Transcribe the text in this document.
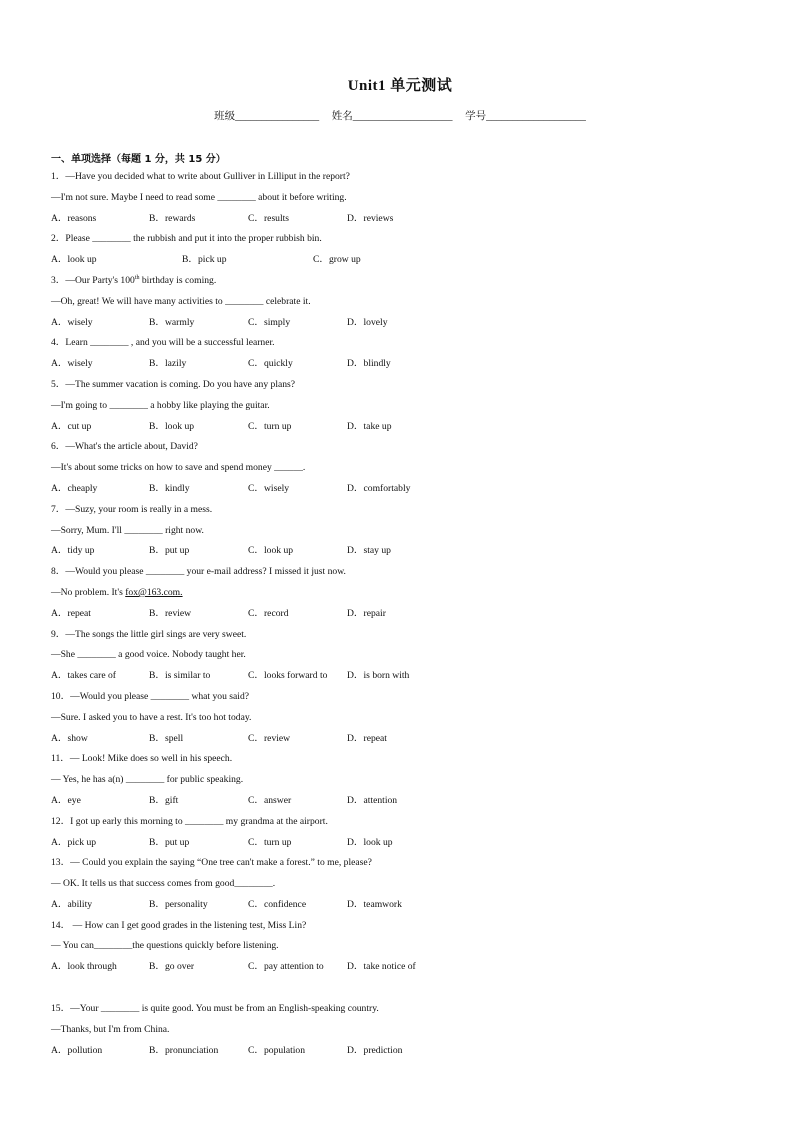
Unit1 单元测试
班级________________ 姓名___________________ 学号___________________
一、单项选择（每题 1 分，共 15 分）
1．—Have you decided what to write about Gulliver in Lilliput in the report?
—I'm not sure. Maybe I need to read some ________ about it before writing.
A．reasons	B．rewards	C．results	D．reviews
2．Please ________ the rubbish and put it into the proper rubbish bin.
A．look up	B．pick up	C．grow up
3．—Our Party's 100th birthday is coming.
—Oh, great! We will have many activities to ________ celebrate it.
A．wisely	B．warmly	C．simply	D．lovely
4．Learn ________ , and you will be a successful learner.
A．wisely	B．lazily	C．quickly	D．blindly
5．—The summer vacation is coming. Do you have any plans?
—I'm going to ________ a hobby like playing the guitar.
A．cut up	B．look up	C．turn up	D．take up
6．—What's the article about, David?
—It's about some tricks on how to save and spend money ______.
A．cheaply	B．kindly	C．wisely	D．comfortably
7．—Suzy, your room is really in a mess.
—Sorry, Mum. I'll ________ right now.
A．tidy up	B．put up	C．look up	D．stay up
8．—Would you please ________ your e-mail address? I missed it just now.
—No problem. It's fox@163.com.
A．repeat	B．review	C．record	D．repair
9．—The songs the little girl sings are very sweet.
—She ________ a good voice. Nobody taught her.
A．takes care of	B．is similar to	C．looks forward to D．is born with
10．—Would you please ________ what you said?
—Sure. I asked you to have a rest. It's too hot today.
A．show	B．spell	C．review	D．repeat
11．— Look! Mike does so well in his speech.
— Yes, he has a(n) ________ for public speaking.
A．eye	B．gift	C．answer	D．attention
12．I got up early this morning to ________ my grandma at the airport.
A．pick up	B．put up	C．turn up	D．look up
13．— Could you explain the saying “One tree can't make a forest.” to me, please?
— OK. It tells us that success comes from good________.
A．ability	B．personality	C．confidence	D．teamwork
14． — How can I get good grades in the listening test, Miss Lin?
— You can________the questions quickly before listening.
A．look through	B．go over	C．pay attention to D．take notice of
15．—Your ________ is quite good. You must be from an English-speaking country.
—Thanks, but I'm from China.
A．pollution	B．pronunciation	C．population	D．prediction
